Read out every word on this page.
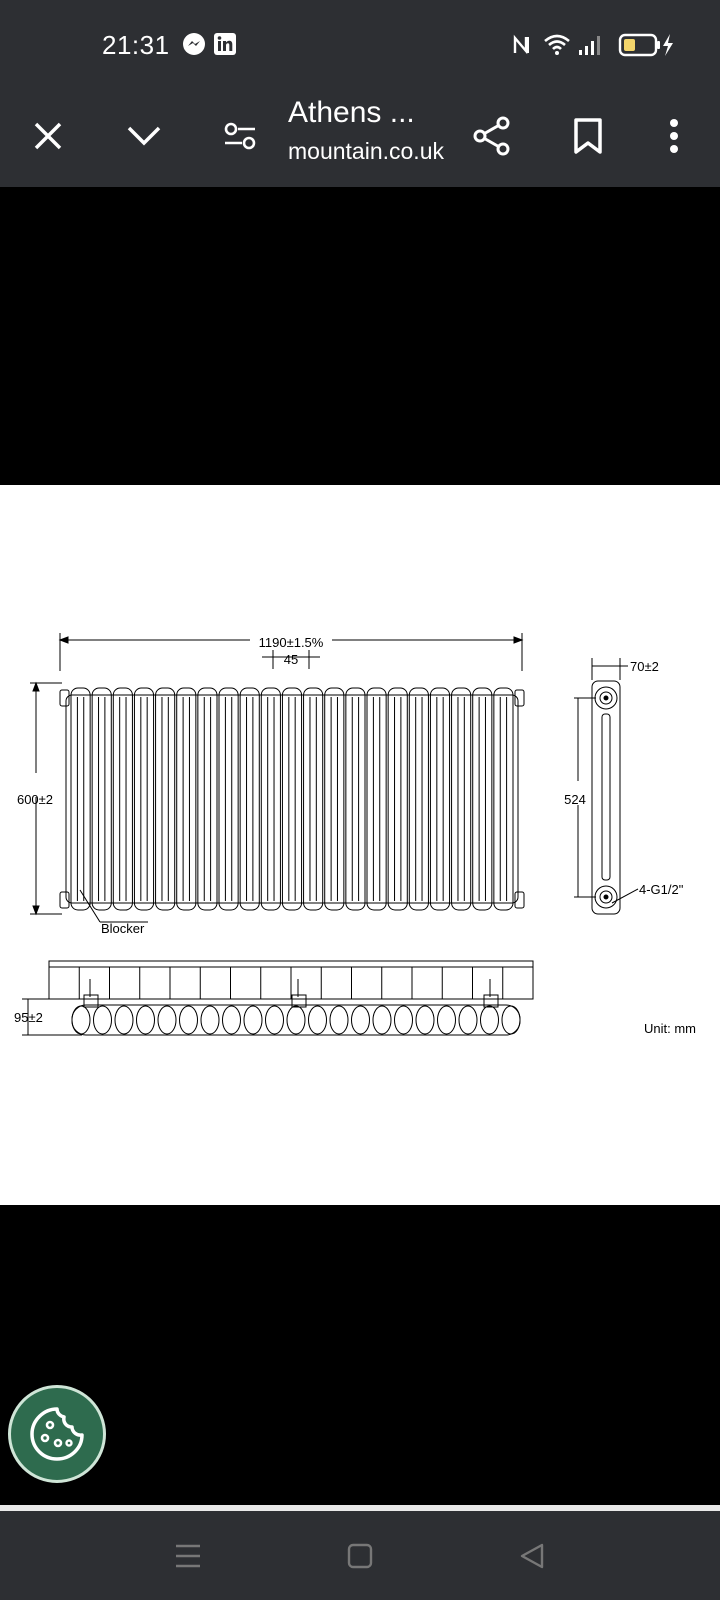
21:31
Athens ...
mountain.co.uk
1190±1.5%
45
600±2
Blocker
70±2
524
4-G1/2"
95±2
Unit: mm
